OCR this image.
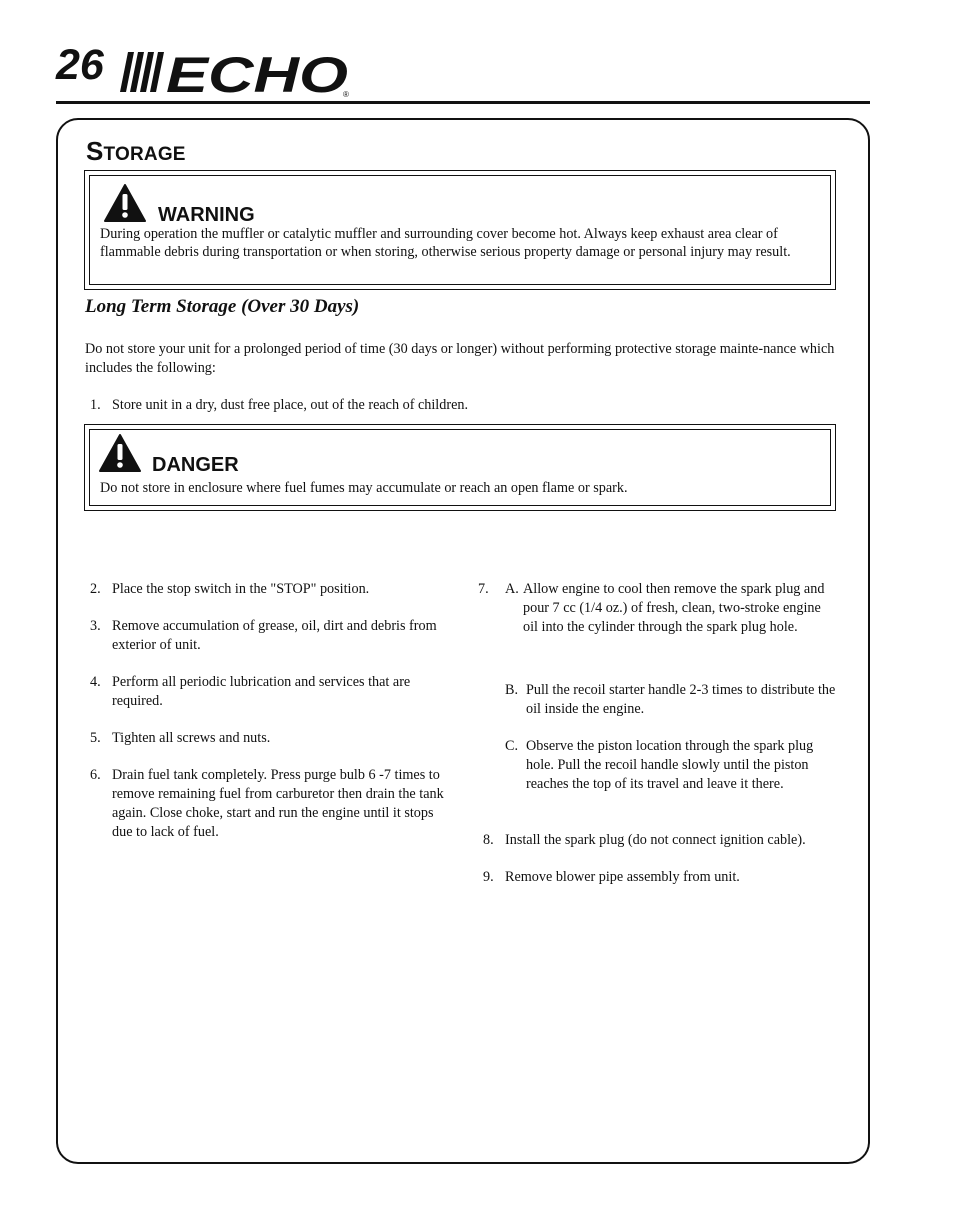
26 ECHO
®
STORAGE
WARNING
During operation the muffler or catalytic muffler and surrounding cover become hot. Always keep exhaust area clear of flammable debris during transportation or when storing, otherwise serious property damage or personal injury may result.
Long Term Storage (Over 30 Days)
Do not store your unit for a prolonged period of time (30 days or longer) without performing protective storage mainte-nance which includes the following:
1. Store unit in a dry, dust free place, out of the reach of children.
DANGER
Do not store in enclosure where fuel fumes may accumulate or reach an open flame or spark.
2. Place the stop switch in the "STOP" position.
3. Remove accumulation of grease, oil, dirt and debris from exterior of unit.
4. Perform all periodic lubrication and services that are required.
5. Tighten all screws and nuts.
6. Drain fuel tank completely. Press purge bulb 6 -7 times to remove remaining fuel from carburetor then drain the tank again. Close choke, start and run the engine until it stops due to lack of fuel.
7. A. Allow engine to cool then remove the spark plug and pour 7 cc (1/4 oz.) of fresh, clean, two-stroke engine oil into the cylinder through the spark plug hole.
B. Pull the recoil starter handle 2-3 times to distribute the oil inside the engine.
C. Observe the piston location through the spark plug hole. Pull the recoil handle slowly until the piston reaches the top of its travel and leave it there.
8. Install the spark plug (do not connect ignition cable).
9. Remove blower pipe assembly from unit.
